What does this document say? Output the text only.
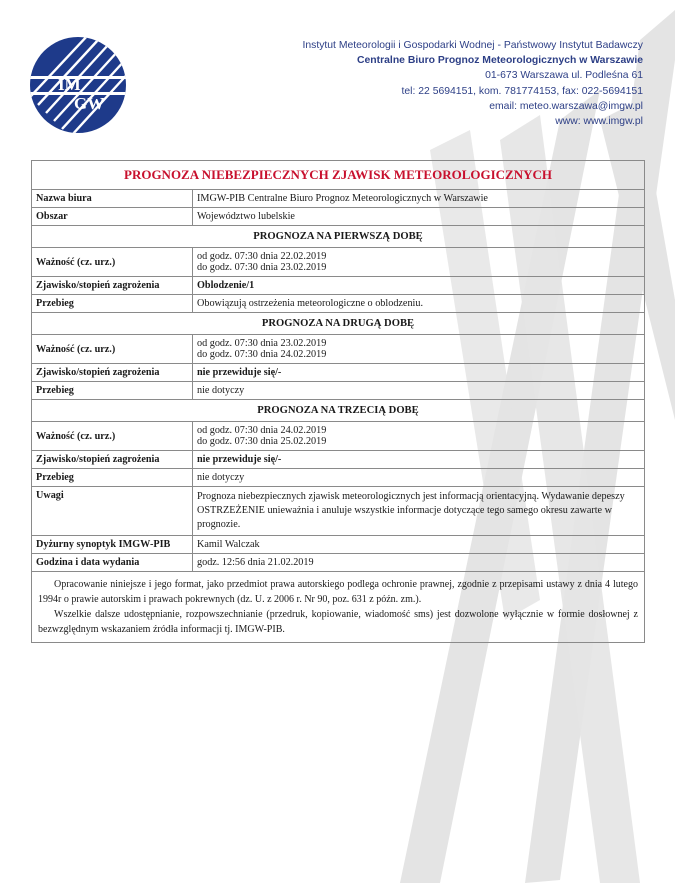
IM
GW
Instytut Meteorologii i Gospodarki Wodnej - Państwowy Instytut Badawczy
Centralne Biuro Prognoz Meteorologicznych w Warszawie
01-673 Warszawa ul. Podleśna 61
tel: 22 5694151, kom. 781774153, fax: 022-5694151
email: meteo.warszawa@imgw.pl
www: www.imgw.pl
PROGNOZA NIEBEZPIECZNYCH ZJAWISK METEOROLOGICZNYCH	
Nazwa biura	IMGW-PIB Centralne Biuro Prognoz Meteorologicznych w Warszawie
Obszar	Województwo lubelskie
PROGNOZA NA PIERWSZĄ DOBĘ	
Ważność (cz. urz.)	od godz. 07:30 dnia 22.02.2019
do godz. 07:30 dnia 23.02.2019

Zjawisko/stopień zagrożenia	Oblodzenie/1
Przebieg	Obowiązują ostrzeżenia meteorologiczne o oblodzeniu.
PROGNOZA NA DRUGĄ DOBĘ	
Ważność (cz. urz.)	od godz. 07:30 dnia 23.02.2019
do godz. 07:30 dnia 24.02.2019

Zjawisko/stopień zagrożenia	nie przewiduje się/-
Przebieg	nie dotyczy
PROGNOZA NA TRZECIĄ DOBĘ	
Ważność (cz. urz.)	od godz. 07:30 dnia 24.02.2019
do godz. 07:30 dnia 25.02.2019

Zjawisko/stopień zagrożenia	nie przewiduje się/-
Przebieg	nie dotyczy
Uwagi	Prognoza niebezpiecznych zjawisk meteorologicznych jest informacją orientacyjną. Wydawanie depeszy OSTRZEŻENIE unieważnia i anuluje wszystkie informacje dotyczące tego samego okresu zawarte w prognozie.
Dyżurny synoptyk IMGW-PIB	Kamil Walczak
Godzina i data wydania	godz. 12:56 dnia 21.02.2019

Opracowanie niniejsze i jego format, jako przedmiot prawa autorskiego podlega ochronie prawnej, zgodnie z przepisami ustawy z dnia 4 lutego 1994r o prawie autorskim i prawach pokrewnych (dz. U. z 2006 r. Nr 90, poz. 631 z późn. zm.).
Wszelkie dalsze udostępnianie, rozpowszechnianie (przedruk, kopiowanie, wiadomość sms) jest dozwolone wyłącznie w formie dosłownej z bezwzględnym wskazaniem źródła informacji tj. IMGW-PIB.	
